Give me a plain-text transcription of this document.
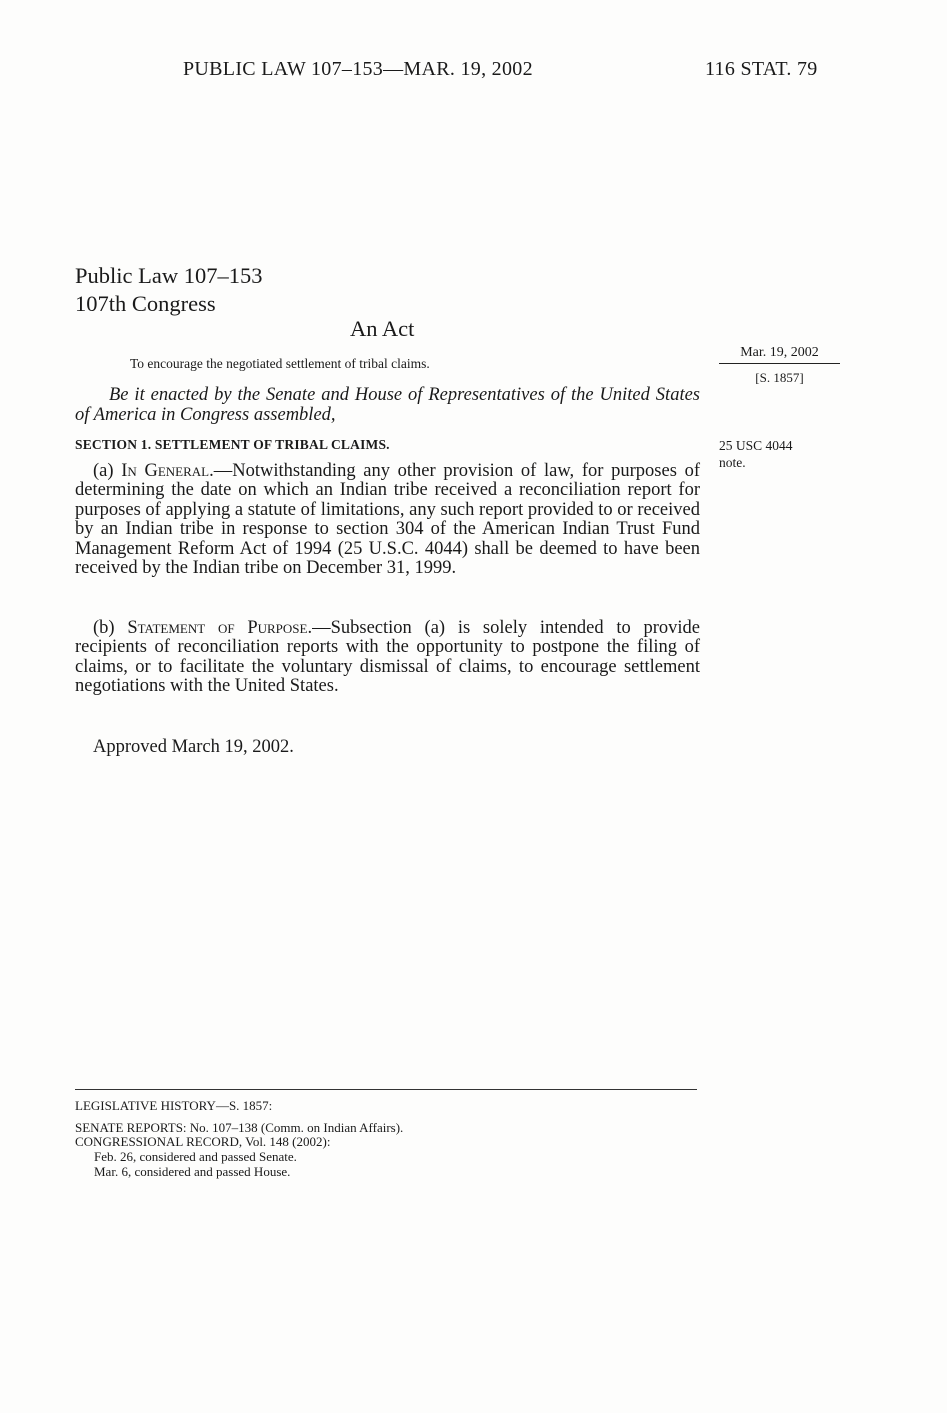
PUBLIC LAW 107–153—MAR. 19, 2002	116 STAT. 79
Public Law 107–153
107th Congress
An Act
To encourage the negotiated settlement of tribal claims.
Mar. 19, 2002
[S. 1857]
Be it enacted by the Senate and House of Representatives of the United States of America in Congress assembled,
SECTION 1. SETTLEMENT OF TRIBAL CLAIMS.	25 USC 4044
note.
(a) In General.—Notwithstanding any other provision of law, for purposes of determining the date on which an Indian tribe received a reconciliation report for purposes of applying a statute of limitations, any such report provided to or received by an Indian tribe in response to section 304 of the American Indian Trust Fund Management Reform Act of 1994 (25 U.S.C. 4044) shall be deemed to have been received by the Indian tribe on December 31, 1999.
(b) Statement of Purpose.—Subsection (a) is solely intended to provide recipients of reconciliation reports with the opportunity to postpone the filing of claims, or to facilitate the voluntary dismissal of claims, to encourage settlement negotiations with the United States.
Approved March 19, 2002.
LEGISLATIVE HISTORY—S. 1857:
SENATE REPORTS: No. 107–138 (Comm. on Indian Affairs).
CONGRESSIONAL RECORD, Vol. 148 (2002):
Feb. 26, considered and passed Senate.
Mar. 6, considered and passed House.
